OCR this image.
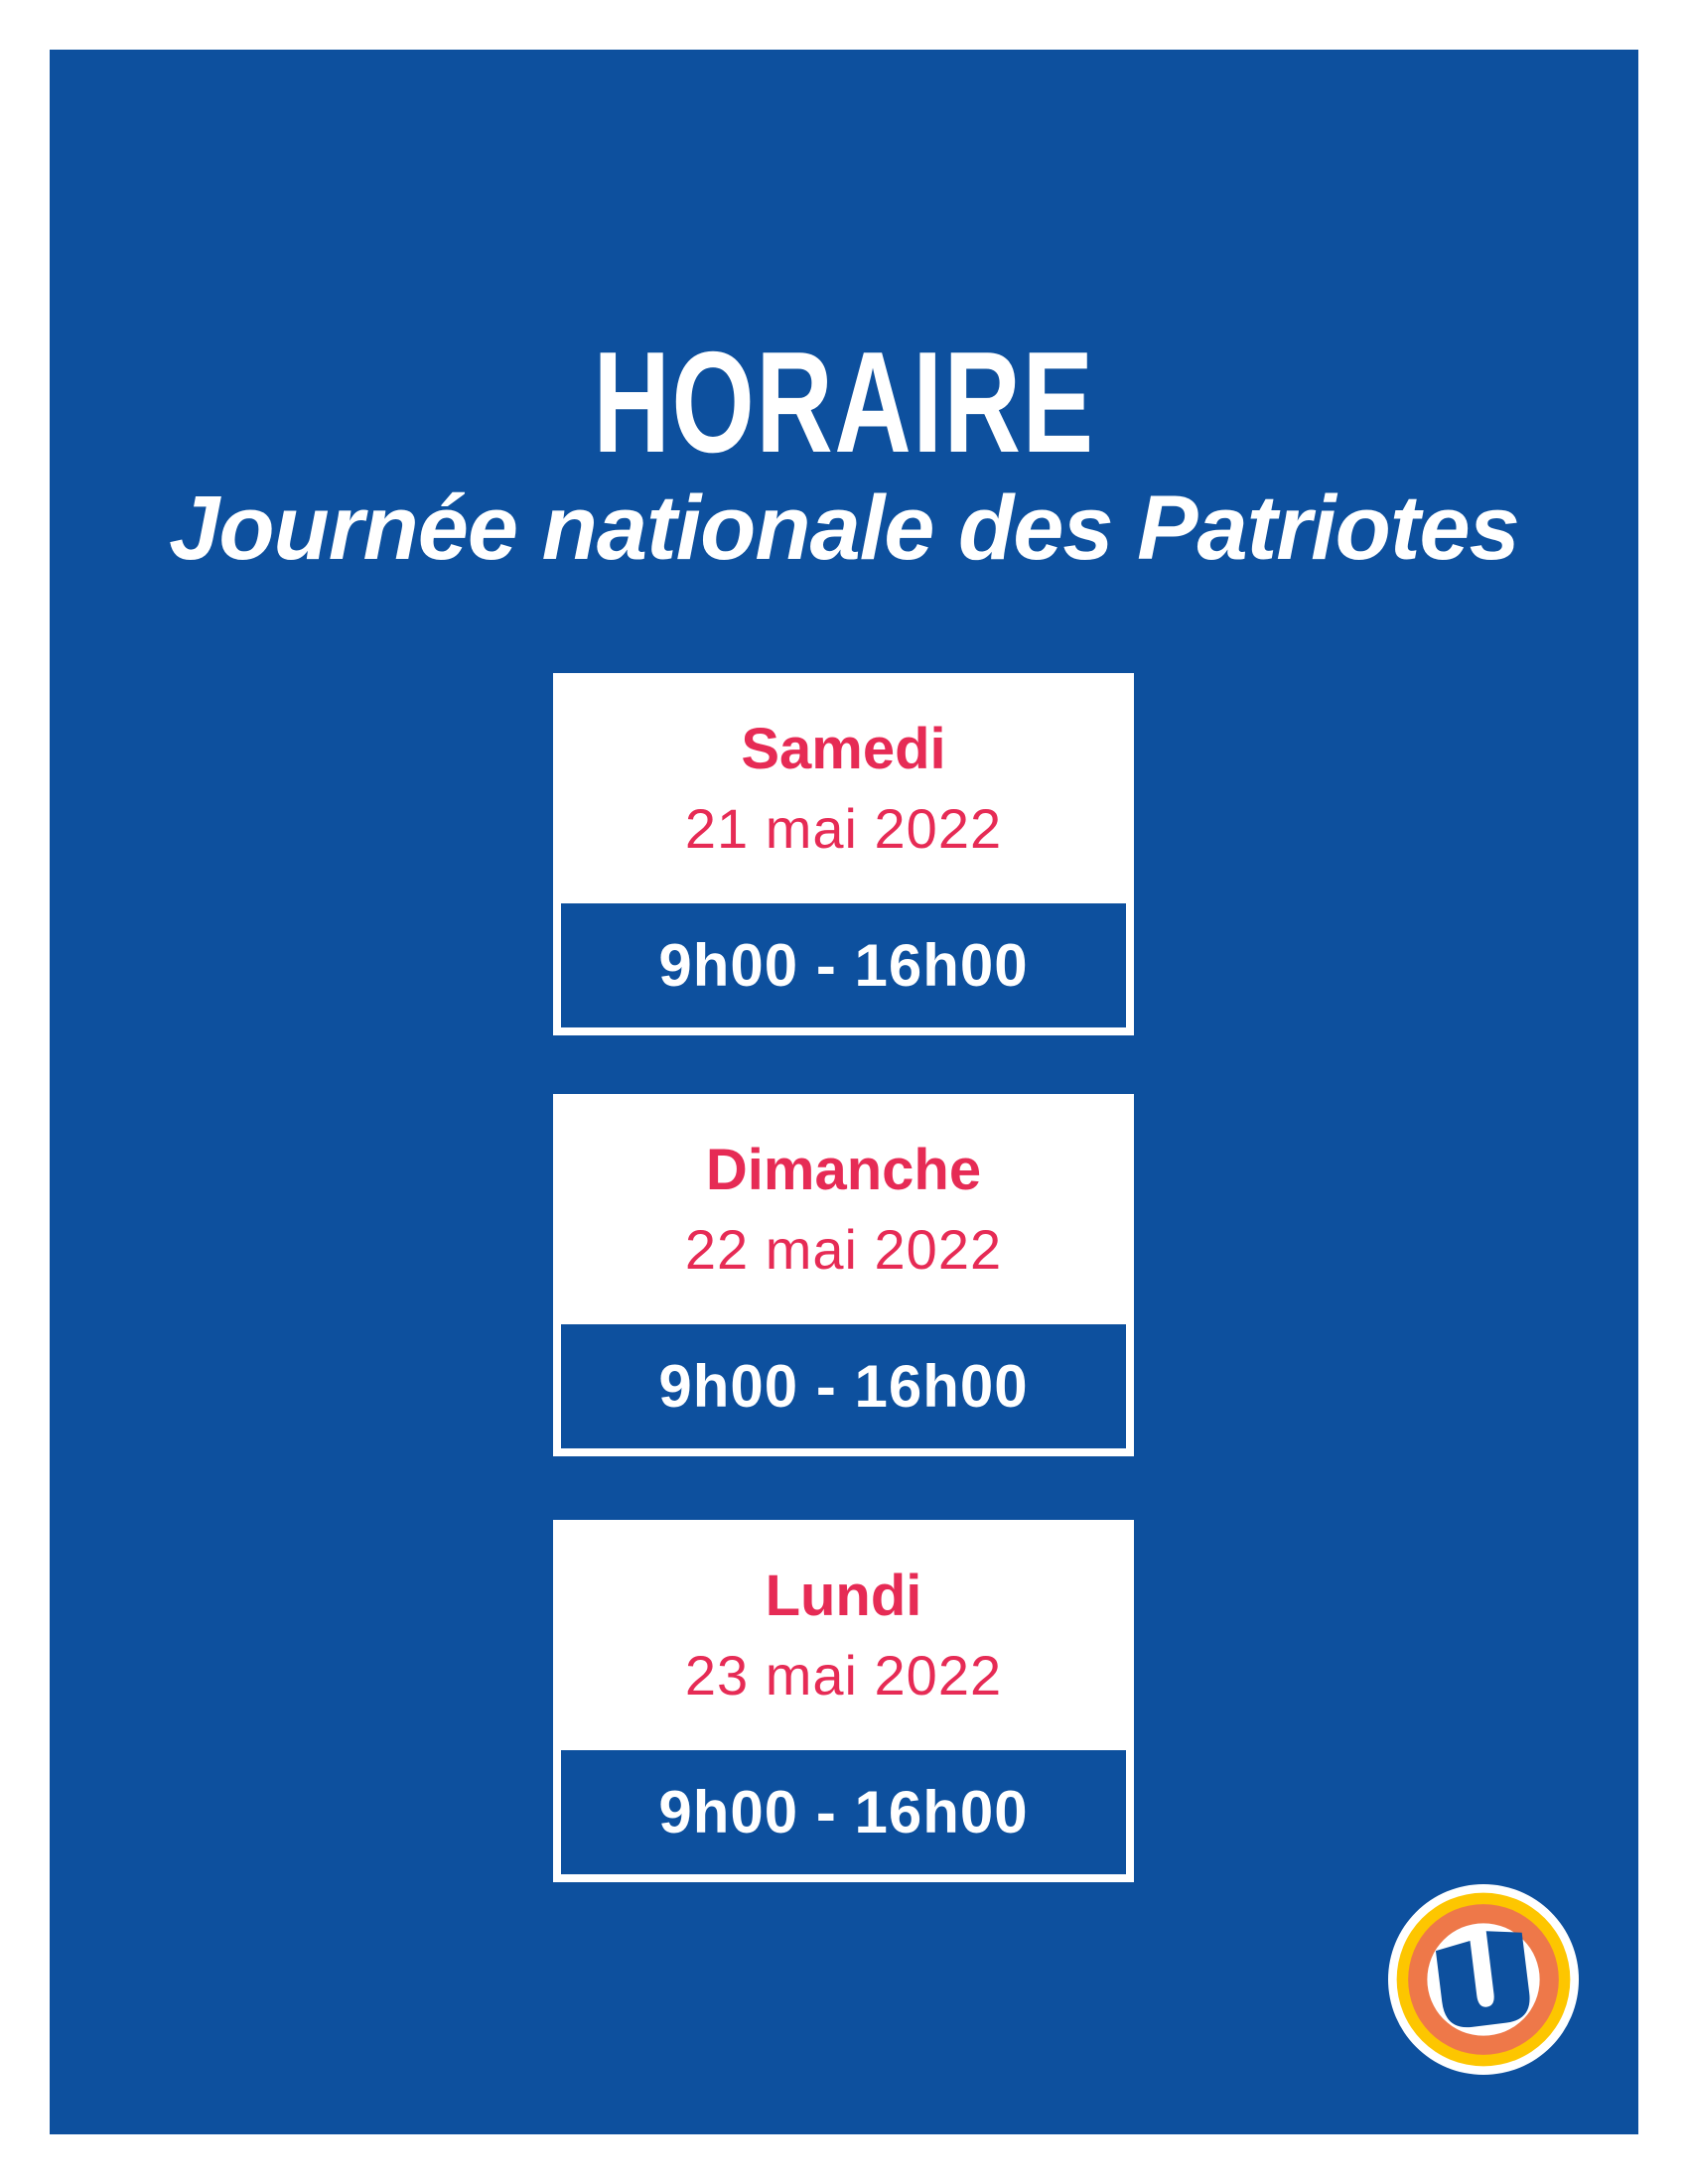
HORAIRE
Journée nationale des Patriotes
Samedi
21 mai 2022
9h00 - 16h00
Dimanche
22 mai 2022
9h00 - 16h00
Lundi
23 mai 2022
9h00 - 16h00
